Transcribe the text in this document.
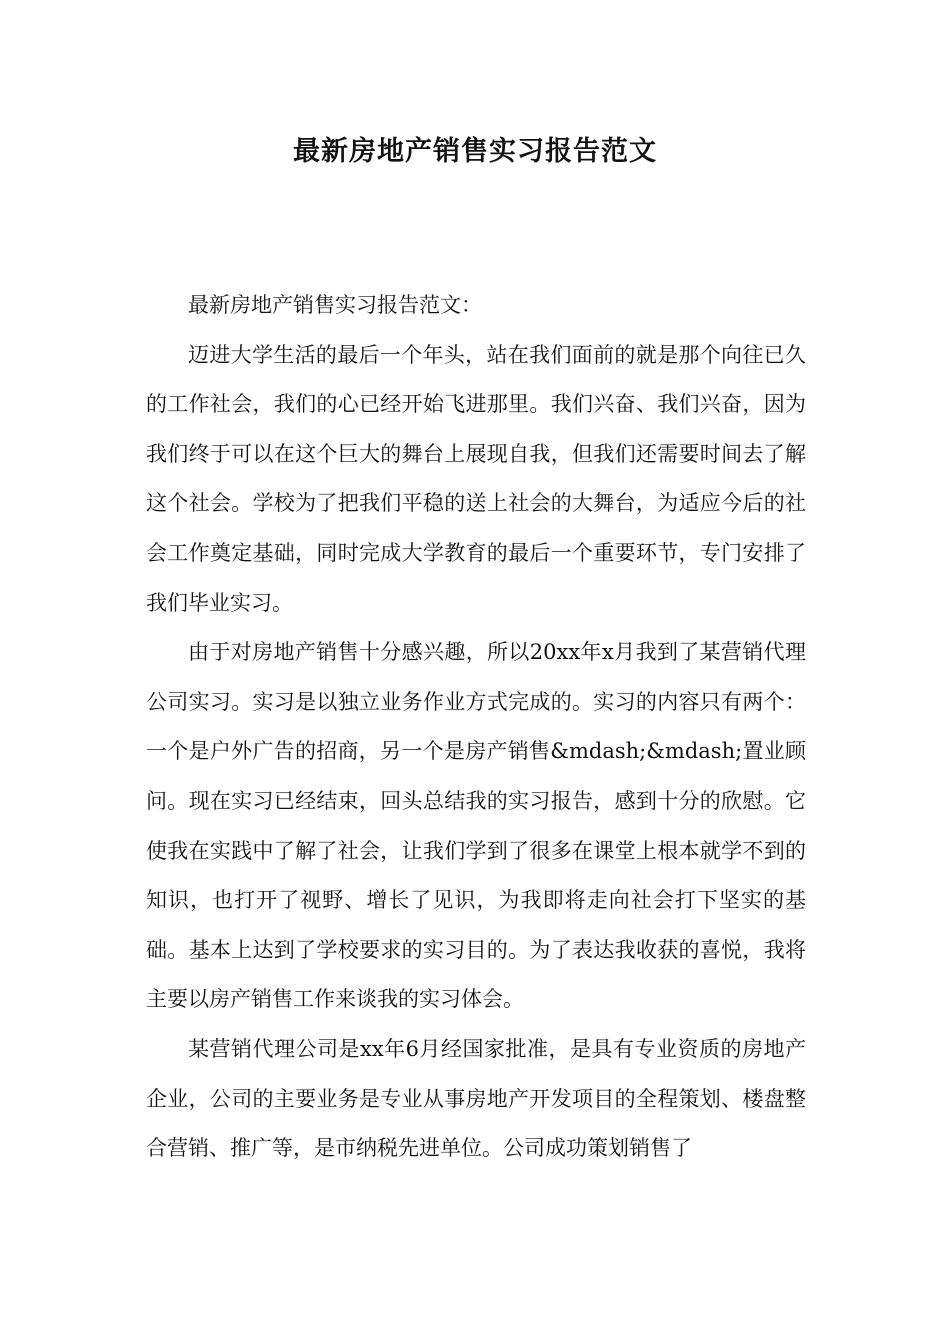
最新房地产销售实习报告范文

最新房地产销售实习报告范文：

迈进大学生活的最后一个年头，站在我们面前的就是那个向往已久的工作社会，我们的心已经开始飞进那里。我们兴奋、我们兴奋，因为我们终于可以在这个巨大的舞台上展现自我，但我们还需要时间去了解这个社会。学校为了把我们平稳的送上社会的大舞台，为适应今后的社会工作奠定基础，同时完成大学教育的最后一个重要环节，专门安排了我们毕业实习。

由于对房地产销售十分感兴趣，所以20xx年x月我到了某营销代理公司实习。实习是以独立业务作业方式完成的。实习的内容只有两个：一个是户外广告的招商，另一个是房产销售&mdash;&mdash;置业顾问。现在实习已经结束，回头总结我的实习报告，感到十分的欣慰。它使我在实践中了解了社会，让我们学到了很多在课堂上根本就学不到的知识，也打开了视野、增长了见识，为我即将走向社会打下坚实的基础。基本上达到了学校要求的实习目的。为了表达我收获的喜悦，我将主要以房产销售工作来谈我的实习体会。

某营销代理公司是xx年6月经国家批准，是具有专业资质的房地产企业，公司的主要业务是专业从事房地产开发项目的全程策划、楼盘整合营销、推广等，是市纳税先进单位。公司成功策划销售了
